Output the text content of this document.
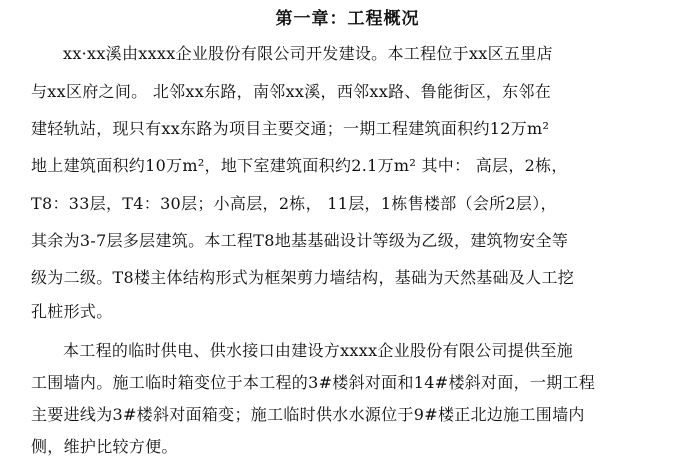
第一章：工程概况
xx·xx溪由xxxx企业股份有限公司开发建设。本工程位于xx区五里店
与xx区府之间。 北邻xx东路，南邻xx溪，西邻xx路、鲁能街区，东邻在
建轻轨站，现只有xx东路为项目主要交通；一期工程建筑面积约12万m²
地上建筑面积约10万m²，地下室建筑面积约2.1万m² 其中： 高层，2栋，
T8：33层，T4：30层；小高层，2栋， 11层，1栋售楼部（会所2层），
其余为3-7层多层建筑。本工程T8地基基础设计等级为乙级，建筑物安全等
级为二级。T8楼主体结构形式为框架剪力墙结构，基础为天然基础及人工挖
孔桩形式。
本工程的临时供电、供水接口由建设方xxxx企业股份有限公司提供至施
工围墙内。施工临时箱变位于本工程的3#楼斜对面和14#楼斜对面，一期工程
主要进线为3#楼斜对面箱变；施工临时供水水源位于9#楼正北边施工围墙内
侧，维护比较方便。
